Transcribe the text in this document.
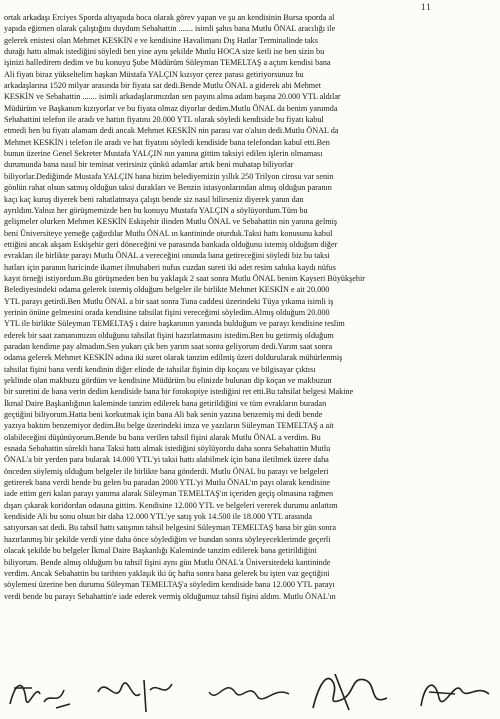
11
ortak arkadaşı Erciyes Sporda altyapıda hoca olarak görev yapan ve şu an kendisinin Bursa sporda al
yapıda eğitmen olarak çalıştığını duydum Sebahattin ....... isimli şahıs bana Mutlu ÖNAL aracılığı ile
gelerek enistesi olan Mehmet KESKİN e ve kendisine Havalimanı Dış Hatlar Terminalinde taks
durağı hattı almak istediğini söyledi ben yine aynı şekilde Mutlu HOCA size ketli ise ben sizin bu
işinizi halledirem dedim ve bu konuyu Şube Müdürüm Süleyman TEMELTAŞ a açtım kendisi bana
Ali fiyatı biraz yükseltelim başkan Müstafa YALÇIN kızıyor çerez parası getiriyorsunuz bu
arkadaşlarına 1520 milyar arasında bir fiyata sat dedi.Bende Mutlu ÖNAL a giderek abi Mehmet
KESKİN ve Sebahattin ....... isimli arkadaşlarımızdan sen payını alma adam başına 20.000 YTL aldılar
Müdürüm ve Başkanım kızıyorlar ve bu fiyata olmaz diyorlar dedim.Mutlu ÖNAL da benim yanımda
Sebahattini telefon ile aradı ve hattın fiyatını 20.000 YTL olarak söyledi kendiside bu fiyatı kabul
etmedi ben bu fiyatı alamam dedi ancak Mehmet KESKİN nin parası var o'alsın dedi.Mutlu ÖNAL da
Mehmet KESKİN i telefon ile aradı ve hat fiyatını söyledi kendiside bana telefondan kabul etti.Ben
bunun üzerine Genel Sekreter Mustafa YALÇIN nın yanına gittim taksiyi edilen işlerin olmaması
durumunda bana nasıl bir teminat verirsiniz çünkü adamlar artık beni muhatap biliyorlar
biliyorlar.Dediğimde Mustafa YALÇIN bana bizim belediyemizin yıllık 250 Trilyon cirosu var senin
gönlün rahat olsun satmış olduğun taksi durakları ve Benzin istasyonlarından almış olduğun paranın
kaçı kaç kuruş diyerek beni rahatlatmaya çalıştı bende siz nasıl bilirseniz diyerek yanın dan
ayrıldım.Yalnız her görüşmemizde ben bu konuyu Mustafa YALÇIN a söylüyordum.Tüm bu
gelişmeler olurken Mehmet KESKİN Eskişehir ilinden Mutlu ÖNAL ve Sebahattin nin yanına gelmiş
beni Üniversiteye yemeğe çağırdılar Mutlu ÖNAL ın kantininde oturduk.Taksi hattı konusunu kabul
ettiğini ancak akşam Eskişehir geri döneceğini ve parasında bankada olduğunu istemiş olduğum diğer
evrakları ile birlikte parayı Mutlu ÖNAL a vereceğini onunda bana getireceğini söyledi biz bu taksi
hatları için paranın haricinde ikamet ilmuhaberi nufus cuzdan sureti iki adet resim sabıka kaydı nüfus
kayıt örneği istiyordum.Bu görüşmeden ben bu yaklaşık 2 saat sonra Mutlu ÖNAL benim Kayseri Büyükşehir
Belediyesindeki odama gelerek istemiş olduğum belgeler ile birlikte Mehmet KESKİN e ait 20.000
YTL parayı getirdi.Ben Mutlu ÖNAL a bir saat sonra Tuna caddesi üzerindeki Tüya yıkama isimli iş
yerinin önüne gelmesini orada kendisine tahsilat fişini vereceğimi söyledim.Almış olduğum 20.000
YTL ile birlikte Süleyman TEMELTAŞ ı daire başkanının yanında bulduğum ve parayı kendisine teslim
ederek bir saat zamanımızın olduğunu tahsilat fişini hazırlatmasını istedim.Ben bu getirmiş olduğum
paradan kendime pay almadım.Sen yukarı çık ben yarım saat sonra geliyorum dedi.Yarım saat sonra
odama gelerek Mehmet KESKİN adına iki suret olarak tanzim edilmiş üzeri doldurularak mühürlenmiş
tahsilat fişini bana verdi kendinin diğer elinde de tahsilat fişinin dip koçanı ve bilgisayar çıktısı
şeklinde olan makbuzu gördüm ve kendisine Müdürüm bu elinizde bulunan dip koçan ve makbuzun
bir suretini de bana verin dedim kendiside bana bir fotokopiye istediğini ret etti.Bu tahsilat belgesi Makine
İkmal Daire Başkanlığının kaleminde tanzim edilerek bana getirildiğini ve tüm evrakların buradan
geçtiğini biliyorum.Hatta beni korkutmak için bana Ali bak senin yazına benzemiş mi dedi bende
yazıya baktım benzemiyor dedim.Bu belge üzerindeki imza ve yazıların Süleyman TEMELTAŞ a ait
olabileceğini düşünüyorum.Bende bu bana verilen tahsil fişini alarak Mutlu ÖNAL a verdim. Bu
esnada Sebahattin sürekli bana Taksi hattı almak istediğini söylüyordu daha sonra Sebahattin Mutlu
ÖNAL'a bir yerden para bularak 14.000 YTL'yi taksi hattı alabilmek için bana iletilmek üzere daha
önceden söylemiş olduğum belgeler ile birlikte bana gönderdi. Mutlu ÖNAL bu parayı ve belgeleri
getirerek bana verdi bende bu gelen bu paradan 2000 YTL'yi Mutlu ÖNAL'ın payı olarak kendisine
iade ettim geri kalan parayı yanıma alarak Süleyman TEMELTAŞ'ın içeriden geçiş olmasına rağmen
dışarı çıkarak koridordan odasına gittim. Kendisine 12.000 YTL ve belgeleri vererek durumu anlattım
kendiside Ali bu sonu olsun bir daha 12.000 YTL'ye satış yok 14.500 ile 18.000 YTL arasında
satıyorsan sat dedi. Bu tahsil hattı satışının tahsil belgesini Süleyman TEMELTAŞ bana bir gün sonra
hazırlanmış bir şekilde verdi yine daha önce söylediğim ve bundan sonra söyleyeceklerimde geçerli
olacak şekilde bu belgeler İkmal Daire Başkanlığı Kaleminde tanzim edilerek bana getirildiğini
biliyorum. Bende almış olduğum bu tahsil fişini aynı gün Mutlu ÖNAL'a Üniversitedeki kantininde
verdim. Ancak Sebahattin bu tarihten yaklaşık iki üç hafta sonra bana gelerek bu işten vaz geçtiğini
söylemesi üzerine ben durumu Süleyman TEMELTAŞ'a söyledim kendiside bana 12.000 YTL parayı
verdi bende bu parayı Sebahattin'e iade ederek vermiş olduğumuz tahsil fişini aldım. Mutlu ÖNAL'ın
